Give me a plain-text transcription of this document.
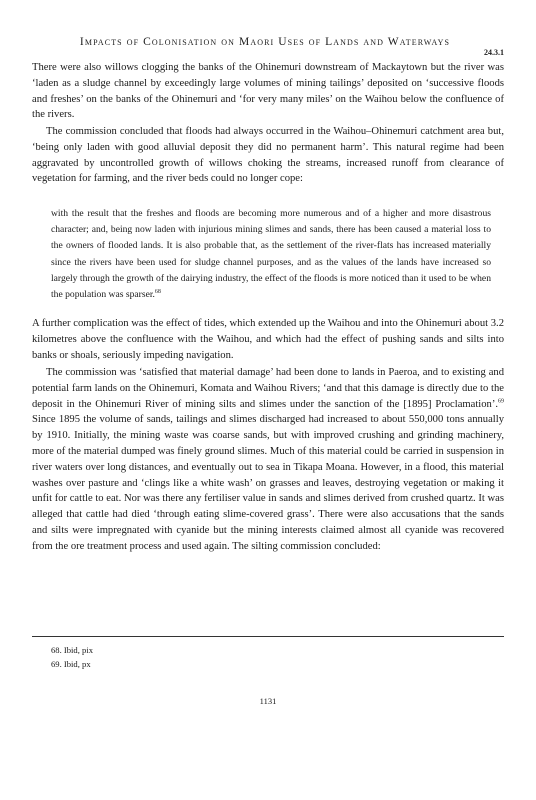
Impacts of Colonisation on Maori Uses of Lands and Waterways
24.3.1

There were also willows clogging the banks of the Ohinemuri downstream of Mackaytown but the river was ‘laden as a sludge channel by exceedingly large volumes of mining tailings’ deposited on ‘successive floods and freshes’ on the banks of the Ohinemuri and ‘for very many miles’ on the Waihou below the confluence of the rivers.

The commission concluded that floods had always occurred in the Waihou–Ohinemuri catchment area but, ‘being only laden with good alluvial deposit they did no permanent harm’. This natural regime had been aggravated by uncontrolled growth of willows choking the streams, increased runoff from clearance of vegetation for farming, and the river beds could no longer cope:

with the result that the freshes and floods are becoming more numerous and of a higher and more disastrous character; and, being now laden with injurious mining slimes and sands, there has been caused a material loss to the owners of flooded lands. It is also probable that, as the settlement of the river-flats has increased materially since the rivers have been used for sludge channel purposes, and as the values of the lands have increased so largely through the growth of the dairying industry, the effect of the floods is more noticed than it used to be when the population was sparser.$^{68}$

A further complication was the effect of tides, which extended up the Waihou and into the Ohinemuri about 3.2 kilometres above the confluence with the Waihou, and which had the effect of pushing sands and silts into banks or shoals, seriously impeding navigation.

The commission was ‘satisfied that material damage’ had been done to lands in Paeroa, and to existing and potential farm lands on the Ohinemuri, Komata and Waihou Rivers; ‘and that this damage is directly due to the deposit in the Ohinemuri River of mining silts and slimes under the sanction of the [1895] Proclamation’.$^{69}$ Since 1895 the volume of sands, tailings and slimes discharged had increased to about 550,000 tons annually by 1910. Initially, the mining waste was coarse sands, but with improved crushing and grinding machinery, more of the material dumped was finely ground slimes. Much of this material could be carried in suspension in river waters over long distances, and eventually out to sea in Tikapa Moana. However, in a flood, this material washes over pasture and ‘clings like a white wash’ on grasses and leaves, destroying vegetation or making it unfit for cattle to eat. Nor was there any fertiliser value in sands and slimes derived from crushed quartz. It was alleged that cattle had died ‘through eating slime-covered grass’. There were also accusations that the sands and silts were impregnated with cyanide but the mining interests claimed almost all cyanide was recovered from the ore treatment process and used again. The silting commission concluded:

68. Ibid, pix
69. Ibid, px
1131
